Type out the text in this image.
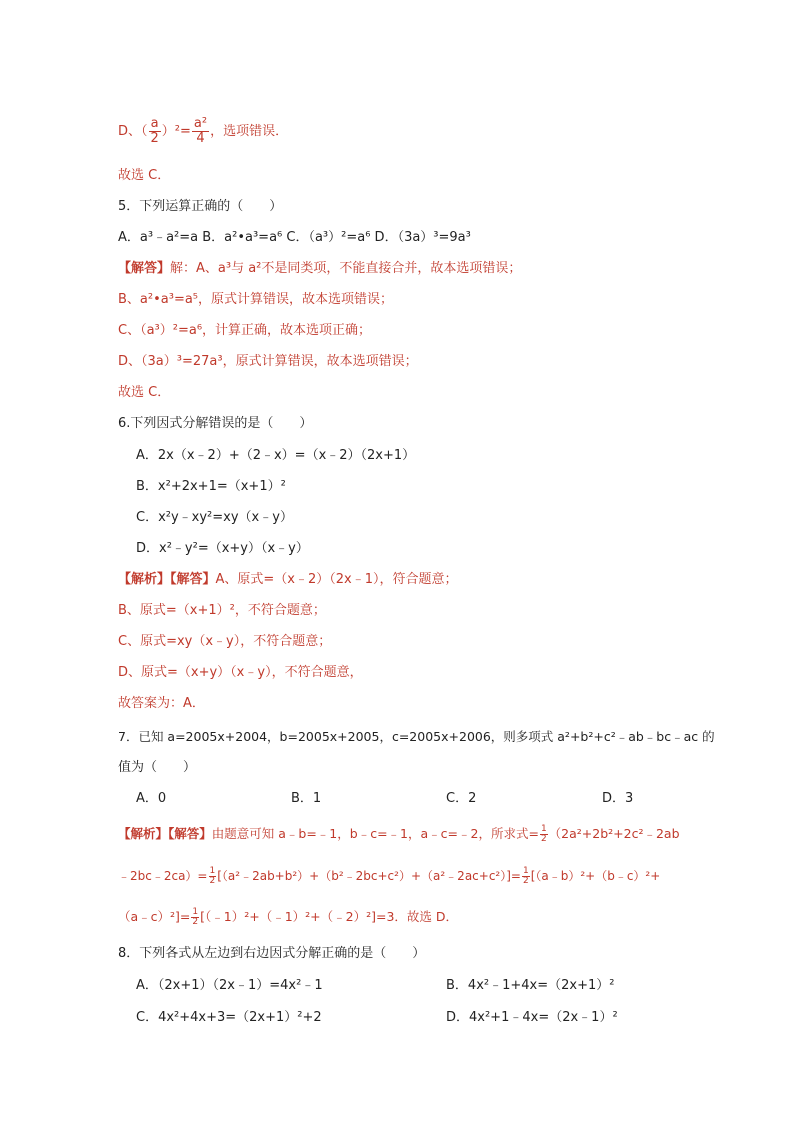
D、（ $\frac{a}{2} )^2= \frac{\text{a²}}{4}$ ，选项错误．
故选 C．
5．下列运算正确的（　　）
A．a³﹣a²=a B．a²•a³=a⁶ C．（a³）²=a⁶ D．（3a）³=9a³
【解答】解：A、a³与 a²不是同类项，不能直接合并，故本选项错误；
B、a²•a³=a⁵，原式计算错误，故本选项错误；
C、（a³）²=a⁶，计算正确，故本选项正确；
D、（3a）³=27a³，原式计算错误，故本选项错误；
故选 C．
6.下列因式分解错误的是（　　）
A．2x（x﹣2）+（2﹣x）=（x﹣2）（2x+1）
B．x²+2x+1=（x+1）²
C．x²y﹣xy²=xy（x﹣y）
D．x²﹣y²=（x+y）（x﹣y）
【解析】【解答】A、原式=（x﹣2）（2x﹣1），符合题意；
B、原式=（x+1）²，不符合题意；
C、原式=xy（x﹣y），不符合题意；
D、原式=（x+y）（x﹣y），不符合题意，
故答案为：A．
7．已知 a=2005x+2004，b=2005x+2005，c=2005x+2006，则多项式 a²+b²+c²﹣ab﹣bc﹣ac 的
值为（　　）
A．0	B．1	C．2	D．3
【解析】【解答】由题意可知 a﹣b=﹣1，b﹣c=﹣1，a﹣c=﹣2，所求式= $\frac{1}{2}$ （2a²+2b²+2c²﹣2ab
﹣2bc﹣2ca）= $\frac{1}{2}$ [（a²﹣2ab+b²）+（b²﹣2bc+c²）+（a²﹣2ac+c²）]= $\frac{1}{2}$ [（a﹣b）²+（b﹣c）²+
（a﹣c）²]= $\frac{1}{2}$ [（﹣1）²+（﹣1）²+（﹣2）²]=3．故选 D．
8．下列各式从左边到右边因式分解正确的是（　　）
A．（2x+1）（2x﹣1）=4x²﹣1	B．4x²﹣1+4x=（2x+1）²
C．4x²+4x+3=（2x+1）²+2	D．4x²+1﹣4x=（2x﹣1）²
